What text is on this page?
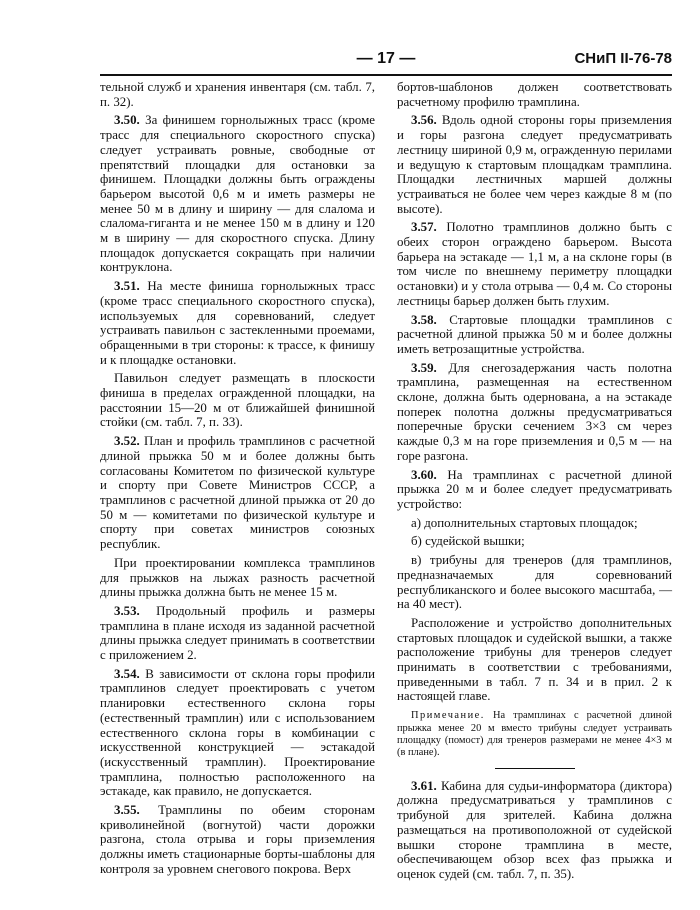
— 17 —	СНиП II-76-78

тельной служб и хранения инвентаря (см. табл. 7, п. 32).

3.50. За финишем горнолыжных трасс (кроме трасс для специального скоростного спуска) следует устраивать ровные, свободные от препятствий площадки для остановки за финишем. Площадки должны быть ограждены барьером высотой 0,6 м и иметь размеры не менее 50 м в длину и ширину — для слалома и слалома-гиганта и не менее 150 м в длину и 120 м в ширину — для скоростного спуска. Длину площадок допускается сокращать при наличии контруклона.

3.51. На месте финиша горнолыжных трасс (кроме трасс специального скоростного спуска), используемых для соревнований, следует устраивать павильон с застекленными проемами, обращенными в три стороны: к трассе, к финишу и к площадке остановки.

Павильон следует размещать в плоскости финиша в пределах огражденной площадки, на расстоянии 15—20 м от ближайшей финишной стойки (см. табл. 7, п. 33).

3.52. План и профиль трамплинов с расчетной длиной прыжка 50 м и более должны быть согласованы Комитетом по физической культуре и спорту при Совете Министров СССР, а трамплинов с расчетной длиной прыжка от 20 до 50 м — комитетами по физической культуре и спорту при советах министров союзных республик.

При проектировании комплекса трамплинов для прыжков на лыжах разность расчетной длины прыжка должна быть не менее 15 м.

3.53. Продольный профиль и размеры трамплина в плане исходя из заданной расчетной длины прыжка следует принимать в соответствии с приложением 2.

3.54. В зависимости от склона горы профили трамплинов следует проектировать с учетом планировки естественного склона горы (естественный трамплин) или с использованием естественного склона горы в комбинации с искусственной конструкцией — эстакадой (искусственный трамплин). Проектирование трамплина, полностью расположенного на эстакаде, как правило, не допускается.

3.55. Трамплины по обеим сторонам криволинейной (вогнутой) части дорожки разгона, стола отрыва и горы приземления должны иметь стационарные борты-шаблоны для контроля за уровнем снегового покрова. Верх

бортов-шаблонов должен соответствовать расчетному профилю трамплина.

3.56. Вдоль одной стороны горы приземления и горы разгона следует предусматривать лестницу шириной 0,9 м, огражденную перилами и ведущую к стартовым площадкам трамплина. Площадки лестничных маршей должны устраиваться не более чем через каждые 8 м (по высоте).

3.57. Полотно трамплинов должно быть с обеих сторон ограждено барьером. Высота барьера на эстакаде — 1,1 м, а на склоне горы (в том числе по внешнему периметру площадки остановки) и у стола отрыва — 0,4 м. Со стороны лестницы барьер должен быть глухим.

3.58. Стартовые площадки трамплинов с расчетной длиной прыжка 50 м и более должны иметь ветрозащитные устройства.

3.59. Для снегозадержания часть полотна трамплина, размещенная на естественном склоне, должна быть одернована, а на эстакаде поперек полотна должны предусматриваться поперечные бруски сечением 3×3 см через каждые 0,3 м на горе приземления и 0,5 м — на горе разгона.

3.60. На трамплинах с расчетной длиной прыжка 20 м и более следует предусматривать устройство:

а) дополнительных стартовых площадок;

б) судейской вышки;

в) трибуны для тренеров (для трамплинов, предназначаемых для соревнований республиканского и более высокого масштаба, — на 40 мест).

Расположение и устройство дополнительных стартовых площадок и судейской вышки, а также расположение трибуны для тренеров следует принимать в соответствии с требованиями, приведенными в табл. 7 п. 34 и в прил. 2 к настоящей главе.

Примечание. На трамплинах с расчетной длиной прыжка менее 20 м вместо трибуны следует устраивать площадку (помост) для тренеров размерами не менее 4×3 м (в плане).

3.61. Кабина для судьи-информатора (диктора) должна предусматриваться у трамплинов с трибуной для зрителей. Кабина должна размещаться на противоположной от судейской вышки стороне трамплина в месте, обеспечивающем обзор всех фаз прыжка и оценок судей (см. табл. 7, п. 35).
